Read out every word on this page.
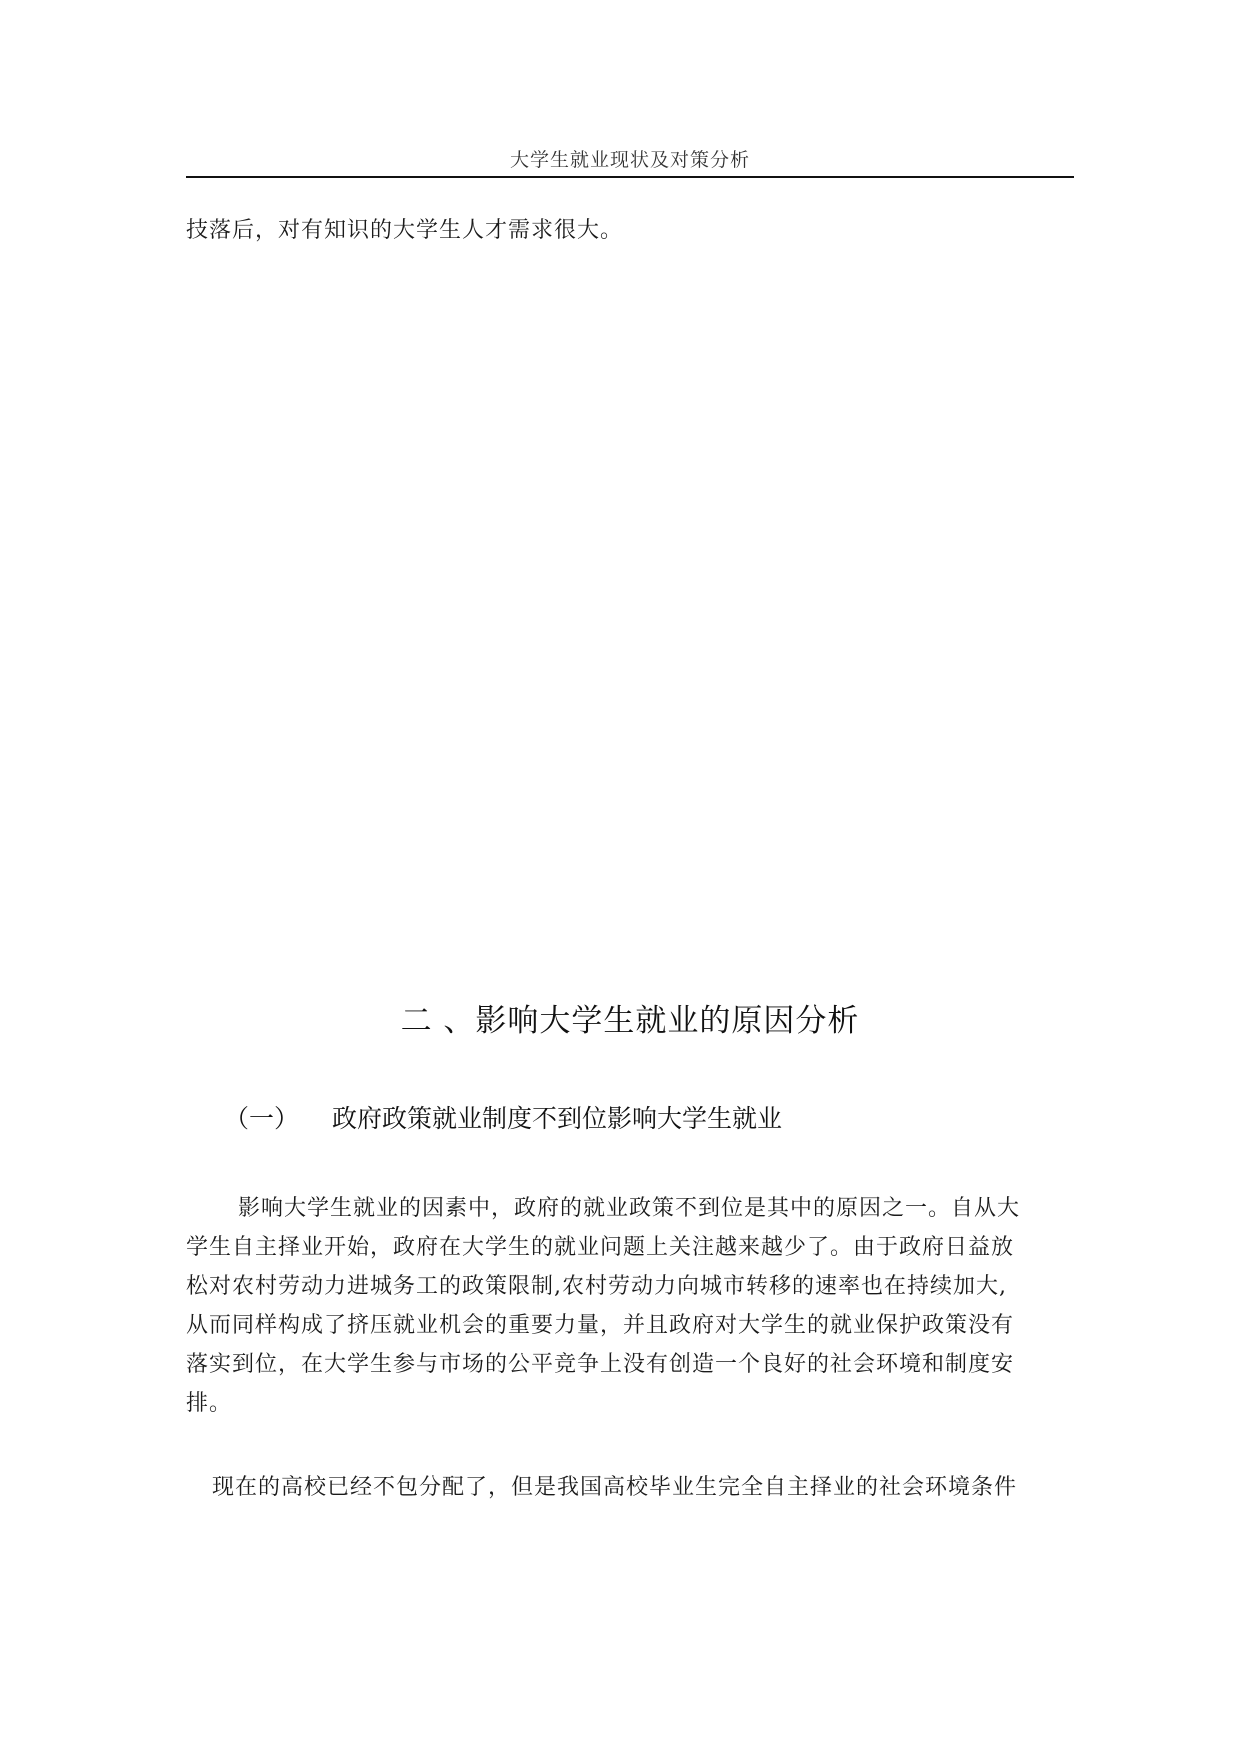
大学生就业现状及对策分析
技落后，对有知识的大学生人才需求很大。
二 、影响大学生就业的原因分析
（一） 政府政策就业制度不到位影响大学生就业
影响大学生就业的因素中，政府的就业政策不到位是其中的原因之一。自从大
学生自主择业开始，政府在大学生的就业问题上关注越来越少了。由于政府日益放
松对农村劳动力进城务工的政策限制,农村劳动力向城市转移的速率也在持续加大,
从而同样构成了挤压就业机会的重要力量，并且政府对大学生的就业保护政策没有
落实到位，在大学生参与市场的公平竞争上没有创造一个良好的社会环境和制度安
排。
现在的高校已经不包分配了，但是我国高校毕业生完全自主择业的社会环境条件
